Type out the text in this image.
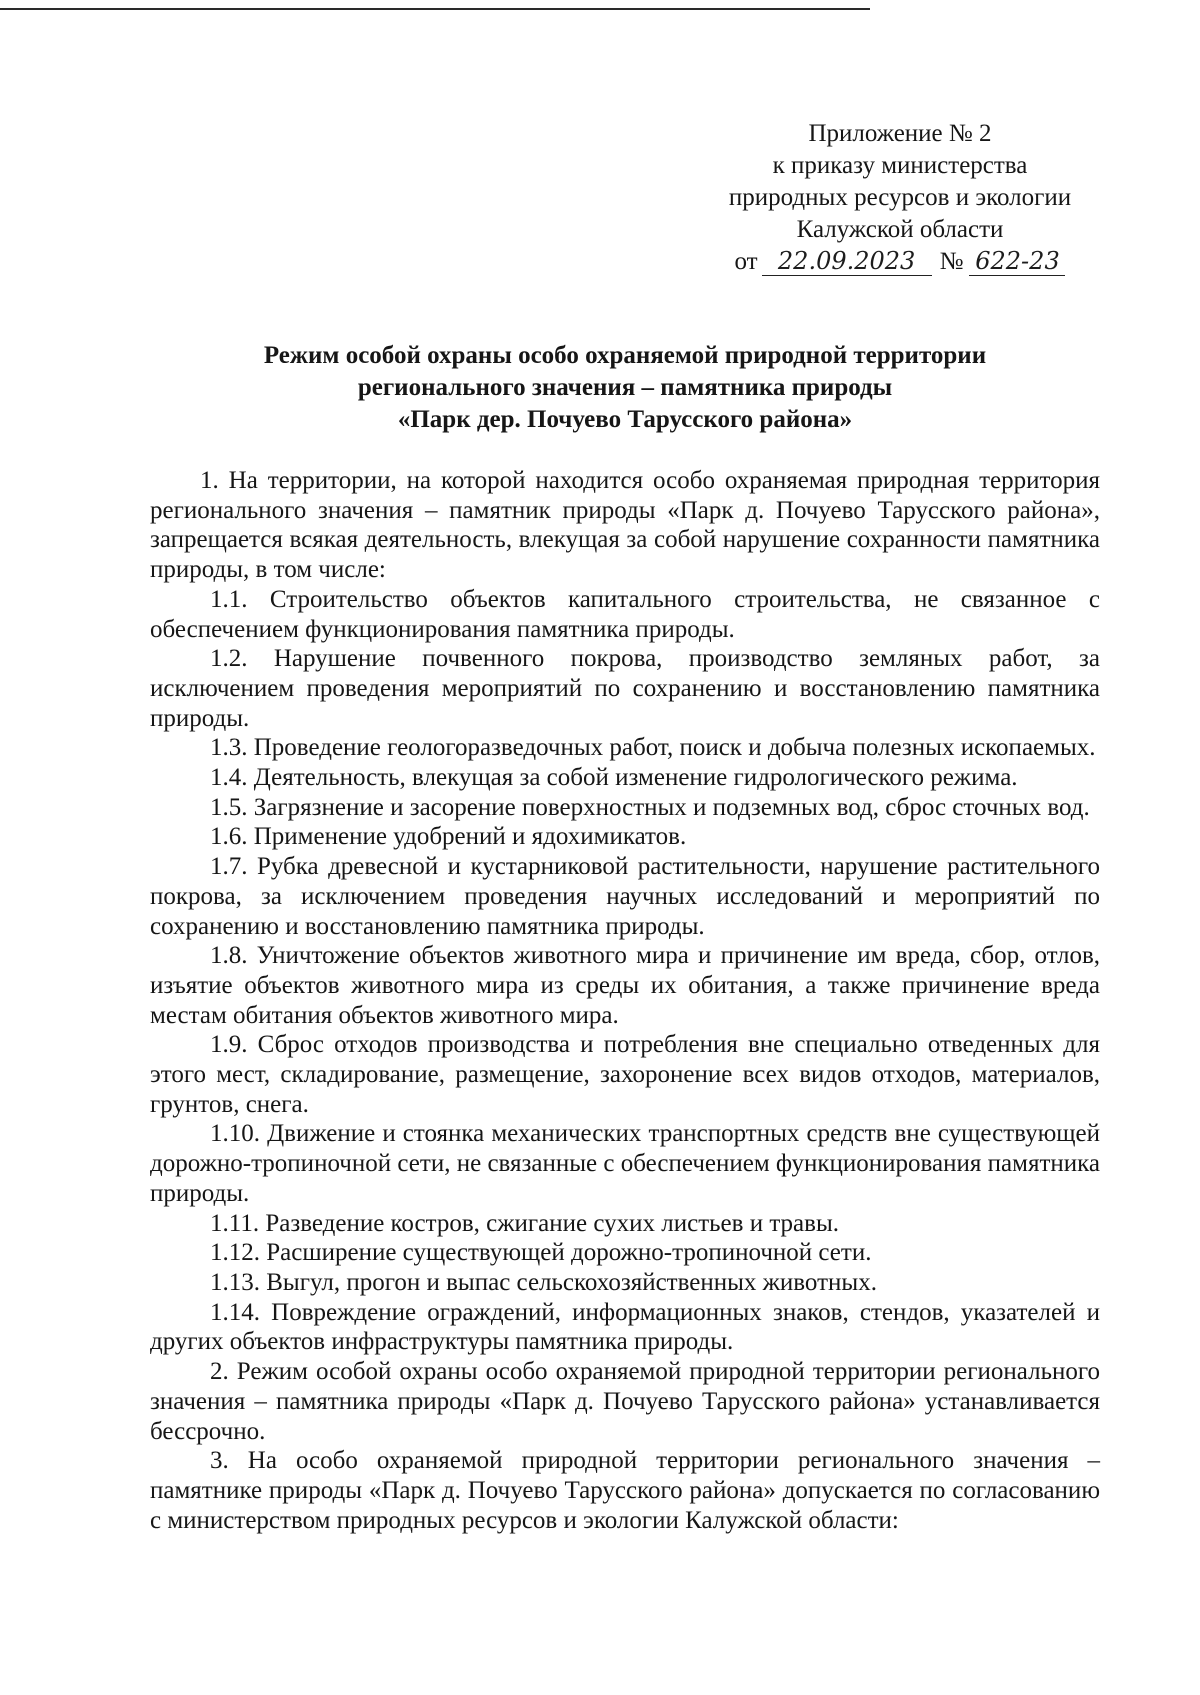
Приложение № 2
к приказу министерства
природных ресурсов и экологии
Калужской области
от 22.09.2023 № 622-23
Режим особой охраны особо охраняемой природной территории
регионального значения – памятника природы
«Парк дер. Почуево Тарусского района»

1. На территории, на которой находится особо охраняемая природная территория регионального значения – памятник природы «Парк д. Почуево Тарусского района», запрещается всякая деятельность, влекущая за собой нарушение сохранности памятника природы, в том числе:

1.1. Строительство объектов капитального строительства, не связанное с обеспечением функционирования памятника природы.

1.2. Нарушение почвенного покрова, производство земляных работ, за исключением проведения мероприятий по сохранению и восстановлению памятника природы.

1.3. Проведение геологоразведочных работ, поиск и добыча полезных ископаемых.

1.4. Деятельность, влекущая за собой изменение гидрологического режима.

1.5. Загрязнение и засорение поверхностных и подземных вод, сброс сточных вод.

1.6. Применение удобрений и ядохимикатов.

1.7. Рубка древесной и кустарниковой растительности, нарушение растительного покрова, за исключением проведения научных исследований и мероприятий по сохранению и восстановлению памятника природы.

1.8. Уничтожение объектов животного мира и причинение им вреда, сбор, отлов, изъятие объектов животного мира из среды их обитания, а также причинение вреда местам обитания объектов животного мира.

1.9. Сброс отходов производства и потребления вне специально отведенных для этого мест, складирование, размещение, захоронение всех видов отходов, материалов, грунтов, снега.

1.10. Движение и стоянка механических транспортных средств вне существующей дорожно-тропиночной сети, не связанные с обеспечением функционирования памятника природы.

1.11. Разведение костров, сжигание сухих листьев и травы.

1.12. Расширение существующей дорожно-тропиночной сети.

1.13. Выгул, прогон и выпас сельскохозяйственных животных.

1.14. Повреждение ограждений, информационных знаков, стендов, указателей и других объектов инфраструктуры памятника природы.

2. Режим особой охраны особо охраняемой природной территории регионального значения – памятника природы «Парк д. Почуево Тарусского района» устанавливается бессрочно.

3. На особо охраняемой природной территории регионального значения – памятнике природы «Парк д. Почуево Тарусского района» допускается по согласованию с министерством природных ресурсов и экологии Калужской области:
